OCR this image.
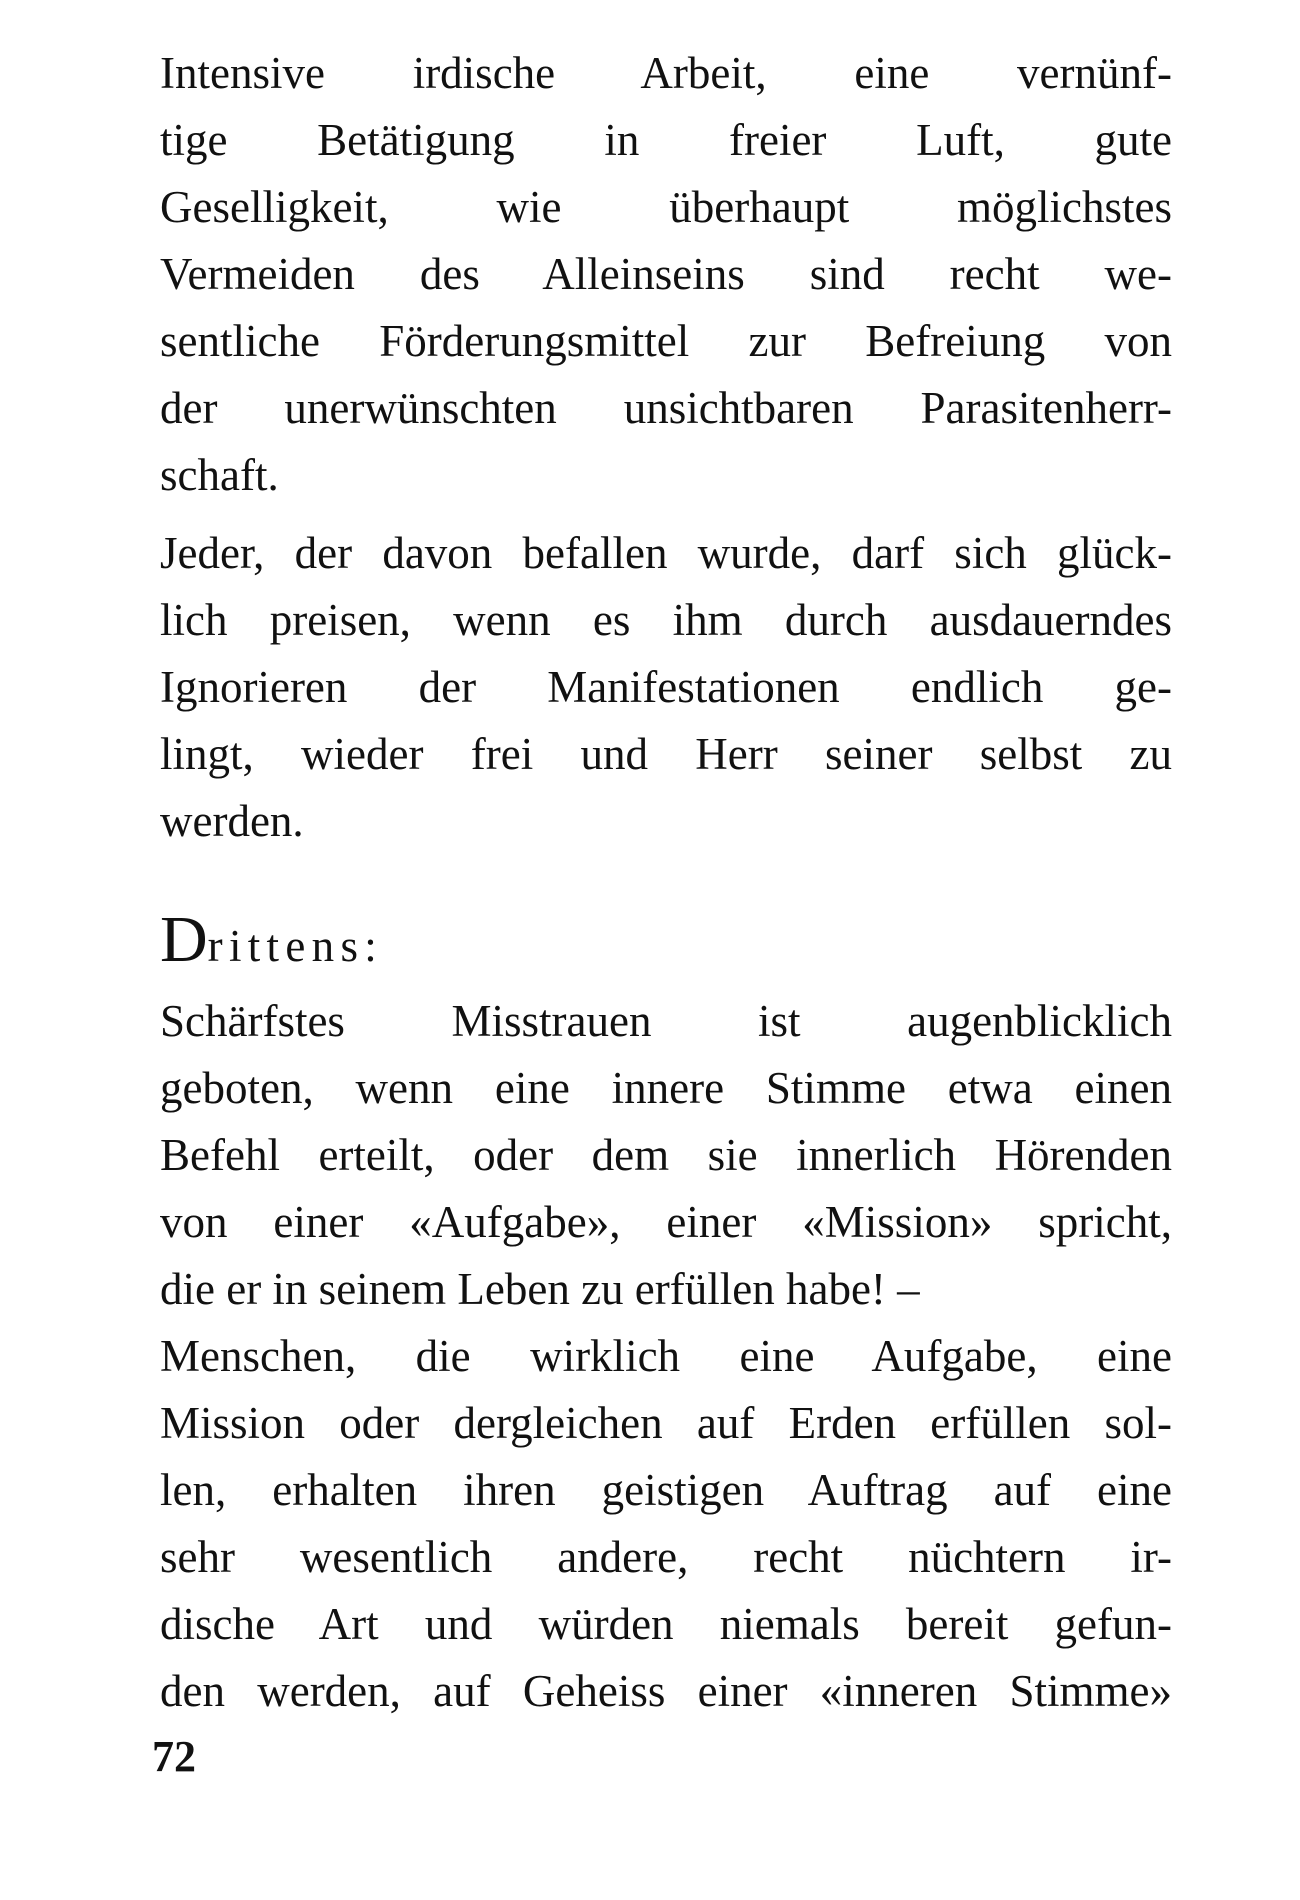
Intensive irdische Arbeit, eine vernünf-
tige Betätigung in freier Luft, gute
Geselligkeit, wie überhaupt möglichstes
Vermeiden des Alleinseins sind recht we-
sentliche Förderungsmittel zur Befreiung von
der unerwünschten unsichtbaren Parasitenherr-
schaft.
Jeder, der davon befallen wurde, darf sich glück-
lich preisen, wenn es ihm durch ausdauerndes
Ignorieren der Manifestationen endlich ge-
lingt, wieder frei und Herr seiner selbst zu
werden.
Drittens:
Schärfstes Misstrauen ist augenblicklich
geboten, wenn eine innere Stimme etwa einen
Befehl erteilt, oder dem sie innerlich Hörenden
von einer «Aufgabe», einer «Mission» spricht,
die er in seinem Leben zu erfüllen habe! –
Menschen, die wirklich eine Aufgabe, eine
Mission oder dergleichen auf Erden erfüllen sol-
len, erhalten ihren geistigen Auftrag auf eine
sehr wesentlich andere, recht nüchtern ir-
dische Art und würden niemals bereit gefun-
den werden, auf Geheiss einer «inneren Stimme»
72
